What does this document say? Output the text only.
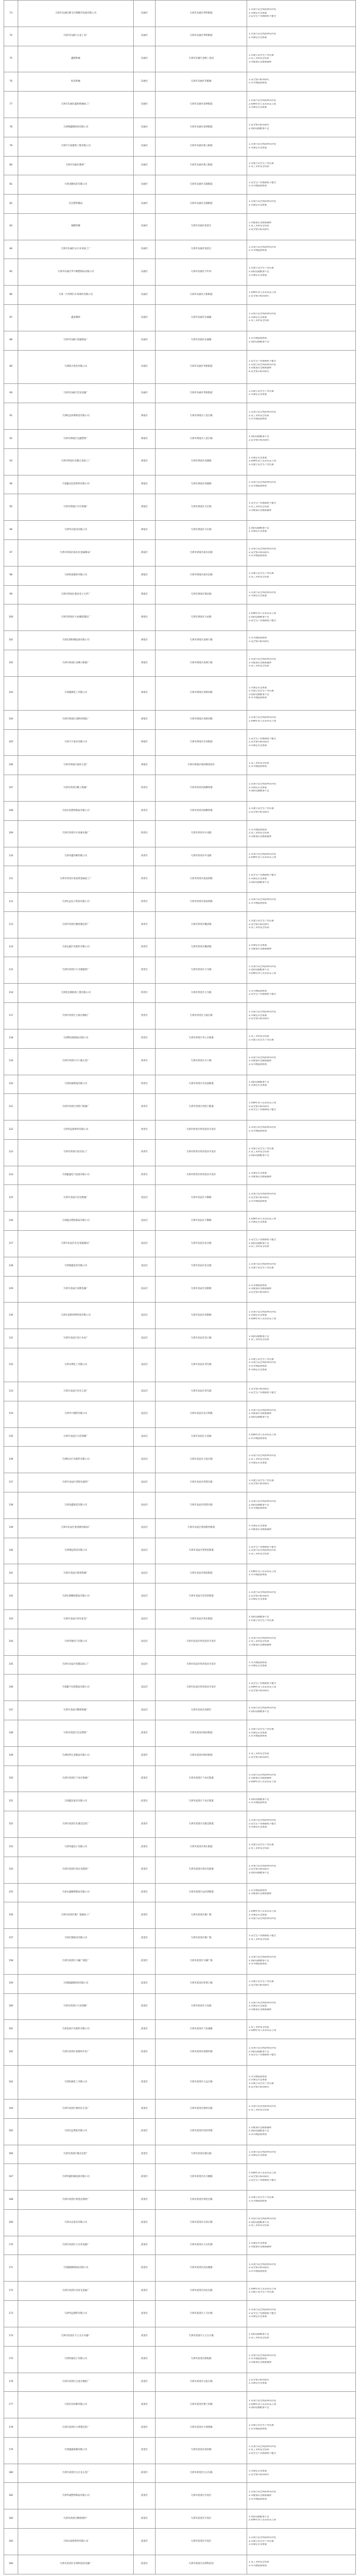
73	天津市东丽区腾飞空调制冷设备有限公司	东丽区	天津市东丽区华明街道	1.未进行安全风险辨识评估
2.未制定应急预案
3.安全生产管理制度不健全

74	天津市东丽区五金工具厂	东丽区	天津市东丽区华明街道	1.未进行安全风险辨识评估
2.未制定应急预案

75	鑫源机械	东丽区	天津市东丽区金桥工业园	1.未建立安全生产责任制
2.员工未经安全培训
3.未配备应急救援器材

76	恒信机械	东丽区	天津市东丽区军粮城	1.安全警示标识缺失
2.未开展隐患排查

77	天津市东丽区鑫海机械加工厂	东丽区	天津市东丽区金钟街道	1.未进行安全风险辨识评估
2.特种作业人员未持证上岗
3.未制定应急预案

78	天津博鑫钢结构有限公司	东丽区	天津市东丽区金钟街道	1.安全警示标识缺失
2.消防设施配备不足

79	天津市丰泰建筑工程有限公司	东丽区	天津市东丽区新立街道	1.未进行安全风险辨识评估
2.未制定应急预案

80	天津市东丽区建材厂	东丽区	天津市东丽区新立街道	1.未建立安全生产责任制
2.员工未经安全培训

81	天津龙顺包装有限公司	东丽区	天津市东丽区无瑕街道	1.安全生产管理制度不健全
2.未开展隐患排查

82	宏达塑料制品	东丽区	天津市东丽区无瑕街道	1.未进行安全风险辨识评估
2.未制定应急预案

83	通顺印刷	东丽区	天津市东丽区张贵庄	1.未配备应急救援器材
2.员工未经安全培训
3.安全警示标识缺失

84	天津市东丽区永兴木业加工厂	东丽区	天津市东丽区张贵庄	1.未进行安全风险辨识评估
2.未开展隐患排查

85	天津市东丽区华宇橡塑制品有限公司	东丽区	天津市东丽区丰年村	1.未建立安全生产责任制
2.消防设施配备不足
3.未制定应急预案

86	天津一汽华利汽车零部件有限公司	东丽区	天津市东丽区万新街道	1.特种作业人员未持证上岗
2.安全警示标识缺失

87	鑫泰钢材	东丽区	天津市东丽区东丽湖	1.未进行安全风险辨识评估
2.未制定应急预案
3.员工未经安全培训

88	天津市东丽区金属制品厂	东丽区	天津市东丽区东丽湖	1.未开展隐患排查
2.消防设施配备不足

89	天津联合机电有限公司	东丽区	天津市东丽区华新街道	1.安全生产管理制度不健全
2.未进行安全风险辨识评估
3.未配备应急救援器材
4.安全警示标识缺失

90	天津市东丽区宏发电器厂	东丽区	天津市东丽区华新街道	1.未建立安全生产责任制
2.未制定应急预案

91	天津恒远环保科技有限公司	津南区	天津市津南区八里台镇	1.未进行安全风险辨识评估
2.员工未经安全培训
3.未开展隐患排查

92	天津市津南区宏鑫塑料厂	津南区	天津市津南区八里台镇	1.消防设施配备不足
2.安全警示标识缺失

93	天津市津南区双港五金加工厂	津南区	天津市津南区双港镇	1.未制定应急预案
2.特种作业人员未持证上岗
3.未建立安全生产责任制

94	天津鑫达包装材料有限公司	津南区	天津市津南区双港镇	1.未进行安全风险辨识评估
2.未开展隐患排查

95	天津市津南区辛庄机械厂	津南区	天津市津南区辛庄镇	1.安全生产管理制度不健全
2.员工未经安全培训
3.未配备应急救援器材

96	天津华庆纸业有限公司	津南区	天津市津南区辛庄镇	1.消防设施配备不足
2.未制定应急预案

97	天津市津南区咸水沽金属制品厂	津南区	天津市津南区咸水沽镇	1.未进行安全风险辨识评估
2.安全警示标识缺失
3.未开展隐患排查

98	天津恒泰建材有限公司	津南区	天津市津南区咸水沽镇	1.未建立安全生产责任制
2.员工未经安全培训

99	天津市津南区葛沽电子元件厂	津南区	天津市津南区葛沽镇	1.未进行安全风险辨识评估
2.未制定应急预案

100	天津市津南区小站橡胶制品厂	津南区	天津市津南区小站镇	1.特种作业人员未持证上岗
2.消防设施配备不足
3.安全生产管理制度不健全

101	天津宏图机械设备有限公司	津南区	天津市津南区北闸口镇	1.未开展隐患排查
2.安全警示标识缺失

102	天津市津南区北闸口纸箱厂	津南区	天津市津南区北闸口镇	1.未进行安全风险辨识评估
2.未配备应急救援器材
3.员工未经安全培训

103	天津鑫源化工有限公司	津南区	天津市津南区双桥河镇	1.未制定应急预案
2.未建立安全生产责任制
3.消防设施配备不足
4.未开展隐患排查

104	天津市津南区双桥河铸造厂	津南区	天津市津南区双桥河镇	1.未进行安全风险辨识评估
2.特种作业人员未持证上岗

105	天津天宇家具有限公司	津南区	天津市津南区长青街道	1.安全生产管理制度不健全
2.安全警示标识缺失
3.未制定应急预案

106	天津市津南区海河五金厂	津南区	天津市津南区海河教育园区	1.员工未经安全培训
2.未开展隐患排查

107	天津市西青区精工机械厂	西青区	天津市西青区杨柳青镇	1.未进行安全风险辨识评估
2.未制定应急预案
3.消防设施配备不足

108	天津永昌塑料制品有限公司	西青区	天津市西青区杨柳青镇	1.未建立安全生产责任制
2.安全警示标识缺失

109	天津市西青区中北镇木器厂	西青区	天津市西青区中北镇	1.未开展隐患排查
2.员工未经安全培训
3.未配备应急救援器材

110	天津华鑫印刷有限公司	西青区	天津市西青区中北镇	1.未进行安全风险辨识评估
2.特种作业人员未持证上岗

111	天津市西青区张家窝金属加工厂	西青区	天津市西青区张家窝镇	1.安全生产管理制度不健全
2.未制定应急预案
3.消防设施配备不足

112	天津宏远电子科技有限公司	西青区	天津市西青区张家窝镇	1.未进行安全风险辨识评估
2.未开展隐患排查

113	天津市西青区精武镇包装厂	西青区	天津市西青区精武镇	1.未建立安全生产责任制
2.安全警示标识缺失
3.员工未经安全培训

114	天津众鑫汽车配件有限公司	西青区	天津市西青区精武镇	1.未制定应急预案
2.未配备应急救援器材

115	天津市西青区大寺镇建材厂	西青区	天津市西青区大寺镇	1.未进行安全风险辨识评估
2.消防设施配备不足
3.特种作业人员未持证上岗

116	天津金达钢结构工程有限公司	西青区	天津市西青区大寺镇	1.未开展隐患排查
2.安全生产管理制度不健全

117	天津市西青区王稳庄橡胶厂	西青区	天津市西青区王稳庄镇	1.未进行安全风险辨识评估
2.未制定应急预案
3.安全警示标识缺失

118	天津利达纸制品有限公司	西青区	天津市西青区李七庄街道	1.员工未经安全培训
2.未建立安全生产责任制

119	天津市西青区辛口镇五金厂	西青区	天津市西青区辛口镇	1.未进行安全风险辨识评估
2.未配备应急救援器材
3.未开展隐患排查

120	天津恒通物流有限公司	西青区	天津市西青区赤龙南街道	1.消防设施配备不足
2.未制定应急预案

121	天津市西青区西营门机械厂	西青区	天津市西青区西营门街道	1.特种作业人员未持证上岗
2.安全警示标识缺失
3.安全生产管理制度不健全

122	天津华远新材料有限公司	西青区	天津市西青区经济技术开发区	1.未进行安全风险辨识评估
2.未开展隐患排查

123	天津市西青区家具加工厂	西青区	天津市西青区经济技术开发区	1.未建立安全生产责任制
2.员工未经安全培训
3.消防设施配备不足

124	天津鑫盛电气设备有限公司	西青区	天津市西青区经济技术开发区	1.未制定应急预案
2.未配备应急救援器材

125	天津市北辰区宏达机械厂	北辰区	天津市北辰区天穆镇	1.未进行安全风险辨识评估
2.安全警示标识缺失
3.未开展隐患排查

126	天津盛达塑胶制品有限公司	北辰区	天津市北辰区天穆镇	1.特种作业人员未持证上岗
2.未制定应急预案

127	天津市北辰区北仓金属制品厂	北辰区	天津市北辰区北仓镇	1.安全生产管理制度不健全
2.消防设施配备不足
3.员工未经安全培训

128	天津鼎盛包装有限公司	北辰区	天津市北辰区北仓镇	1.未进行安全风险辨识评估
2.未建立安全生产责任制

129	天津市北辰区双街电器厂	北辰区	天津市北辰区双街镇	1.未开展隐患排查
2.未配备应急救援器材
3.安全警示标识缺失

130	天津宏泰新材料科技有限公司	北辰区	天津市北辰区双街镇	1.未进行安全风险辨识评估
2.未制定应急预案
3.特种作业人员未持证上岗

131	天津市北辰区双口木业厂	北辰区	天津市北辰区双口镇	1.消防设施配备不足
2.员工未经安全培训

132	天津永利化工有限公司	北辰区	天津市北辰区青光镇	1.未建立安全生产责任制
2.未进行安全风险辨识评估
3.未开展隐患排查
4.未制定应急预案

133	天津市北辰区青光五金厂	北辰区	天津市北辰区青光镇	1.安全警示标识缺失
2.安全生产管理制度不健全

134	天津华兴钢管有限公司	北辰区	天津市北辰区宜兴埠镇	1.未进行安全风险辨识评估
2.未配备应急救援器材
3.消防设施配备不足

135	天津市北辰区小淀印刷厂	北辰区	天津市北辰区小淀镇	1.特种作业人员未持证上岗
2.未开展隐患排查

136	天津恒达汽车配件有限公司	北辰区	天津市北辰区大张庄镇	1.未进行安全风险辨识评估
2.员工未经安全培训
3.未制定应急预案

137	天津市北辰区西堤头建材厂	北辰区	天津市北辰区西堤头镇	1.未建立安全生产责任制
2.安全警示标识缺失

138	天津金鑫铸造有限公司	北辰区	天津市北辰区西堤头镇	1.未进行安全风险辨识评估
2.消防设施配备不足
3.未开展隐患排查

139	天津市北辰区果园新村纸品厂	北辰区	天津市北辰区果园新村街道	1.未制定应急预案
2.未配备应急救援器材

140	天津博远科技有限公司	北辰区	天津市北辰区集贤里街道	1.安全生产管理制度不健全
2.未进行安全风险辨识评估
3.员工未经安全培训

141	天津市北辰区瑞景机械厂	北辰区	天津市北辰区瑞景街道	1.特种作业人员未持证上岗
2.未开展隐患排查

142	天津宏源橡胶制品有限公司	北辰区	天津市北辰区佳荣里街道	1.未进行安全风险辨识评估
2.安全警示标识缺失
3.未制定应急预案

143	天津市北辰区普东家具厂	北辰区	天津市北辰区普东街道	1.消防设施配备不足
2.未建立安全生产责任制

144	天津华通电气有限公司	北辰区	天津市北辰区经济技术开发区	1.未进行安全风险辨识评估
2.员工未经安全培训
3.未配备应急救援器材

145	天津市北辰区铝制品加工厂	北辰区	天津市北辰区经济技术开发区	1.未开展隐患排查
2.未制定应急预案

146	天津鑫宇包装制品有限公司	北辰区	天津市北辰区经济技术开发区	1.安全生产管理制度不健全
2.特种作业人员未持证上岗
3.安全警示标识缺失

147	天津市北辰区精密机械厂	北辰区	天津市北辰区高新区	1.未进行安全风险辨识评估
2.消防设施配备不足

148	天津市武清区宏达塑料厂	武清区	天津市武清区杨村街道	1.未建立安全生产责任制
2.未制定应急预案
3.未开展隐患排查

149	天津恒利五金制品有限公司	武清区	天津市武清区杨村街道	1.员工未经安全培训
2.安全警示标识缺失

150	天津市武清区下朱庄机械厂	武清区	天津市武清区下朱庄街道	1.未进行安全风险辨识评估
2.未配备应急救援器材
3.特种作业人员未持证上岗

151	天津鑫达家具有限公司	武清区	天津市武清区下朱庄街道	1.消防设施配备不足
2.未开展隐患排查

152	天津市武清区东蒲洼包装厂	武清区	天津市武清区东蒲洼街道	1.未进行安全风险辨识评估
2.安全生产管理制度不健全
3.未制定应急预案

153	天津华盛电子有限公司	武清区	天津市武清区黄庄街道	1.未建立安全生产责任制
2.员工未经安全培训

154	天津市武清区徐官屯建材厂	武清区	天津市武清区徐官屯街道	1.未进行安全风险辨识评估
2.安全警示标识缺失
3.消防设施配备不足

155	天津永盛橡塑制品有限公司	武清区	天津市武清区运河西街道	1.未开展隐患排查
2.未配备应急救援器材

156	天津市武清区梅厂金属加工厂	武清区	天津市武清区梅厂镇	1.特种作业人员未持证上岗
2.未制定应急预案
3.未进行安全风险辨识评估

157	天津宏图纸业有限公司	武清区	天津市武清区梅厂镇	1.安全生产管理制度不健全
2.员工未经安全培训

158	天津市武清区大碱厂铸造厂	武清区	天津市武清区大碱厂镇	1.未进行安全风险辨识评估
2.消防设施配备不足
3.未开展隐患排查

159	天津鼎鑫钢结构有限公司	武清区	天津市武清区崔黄口镇	1.未建立安全生产责任制
2.安全警示标识缺失

160	天津市武清区大良印刷厂	武清区	天津市武清区大良镇	1.未进行安全风险辨识评估
2.未制定应急预案
3.未配备应急救援器材

161	天津金泰汽车配件有限公司	武清区	天津市武清区下伍旗镇	1.员工未经安全培训
2.特种作业人员未持证上岗

162	天津市武清区南蔡村木业厂	武清区	天津市武清区南蔡村镇	1.未进行安全风险辨识评估
2.消防设施配备不足
3.安全生产管理制度不健全

163	天津恒源化工有限公司	武清区	天津市武清区大孟庄镇	1.未开展隐患排查
2.未制定应急预案
3.未建立安全生产责任制
4.安全警示标识缺失

164	天津市武清区泗村店五金厂	武清区	天津市武清区泗村店镇	1.未进行安全风险辨识评估
2.员工未经安全培训

165	天津宏远塑胶有限公司	武清区	天津市武清区河西务镇	1.未配备应急救援器材
2.消防设施配备不足
3.未开展隐患排查

166	天津市武清区城关包装厂	武清区	天津市武清区城关镇	1.未进行安全风险辨识评估
2.未制定应急预案

167	天津华鑫机械设备有限公司	武清区	天津市武清区东马圈镇	1.特种作业人员未持证上岗
2.安全警示标识缺失
3.安全生产管理制度不健全

168	天津市武清区黄花店建材厂	武清区	天津市武清区黄花店镇	1.未建立安全生产责任制
2.未开展隐患排查

169	天津永达家具有限公司	武清区	天津市武清区石各庄镇	1.未进行安全风险辨识评估
2.消防设施配备不足
3.员工未经安全培训

170	天津市武清区王庆坨电器厂	武清区	天津市武清区王庆坨镇	1.未制定应急预案
2.未配备应急救援器材

171	天津鑫源纸制品有限公司	武清区	天津市武清区汊沽港镇	1.未进行安全风险辨识评估
2.安全警示标识缺失
3.未开展隐患排查

172	天津市武清区河北屯金属厂	武清区	天津市武清区河北屯镇	1.特种作业人员未持证上岗
2.未建立安全生产责任制

173	天津华远钢管有限公司	武清区	天津市武清区上马台镇	1.未进行安全风险辨识评估
2.安全生产管理制度不健全
3.未制定应急预案

174	天津市武清区大王古庄木器厂	武清区	天津市武清区大王古庄镇	1.消防设施配备不足
2.员工未经安全培训

175	天津恒通电子有限公司	武清区	天津市武清区陈咀镇	1.未进行安全风险辨识评估
2.未开展隐患排查
3.未配备应急救援器材

176	天津市武清区豆张庄橡胶厂	武清区	天津市武清区豆张庄镇	1.安全警示标识缺失
2.未制定应急预案

177	天津宏达印刷有限公司	武清区	天津市武清区曹子里镇	1.未进行安全风险辨识评估
2.特种作业人员未持证上岗
3.消防设施配备不足

178	天津市武清区大黄堡包装厂	武清区	天津市武清区大黄堡镇	1.未建立安全生产责任制
2.未开展隐患排查

179	天津鑫盛机械有限公司	武清区	天津市武清区高村镇	1.未进行安全风险辨识评估
2.员工未经安全培训
3.安全生产管理制度不健全

180	天津市武清区白古屯五金厂	武清区	天津市武清区白古屯镇	1.未制定应急预案
2.安全警示标识缺失

181	天津华通塑料制品有限公司	武清区	天津市武清区开发区	1.未进行安全风险辨识评估
2.未配备应急救援器材
3.未开展隐患排查

182	天津市武清区精密铸件厂	武清区	天津市武清区开发区	1.消防设施配备不足
2.特种作业人员未持证上岗

183	天津永泰新材料有限公司	武清区	天津市武清区开发区	1.未进行安全风险辨识评估
2.未建立安全生产责任制
3.未制定应急预案

184	天津市武清区京津科技谷电器厂	武清区	天津市武清区京津科技谷	1.员工未经安全培训
2.未开展隐患排查
